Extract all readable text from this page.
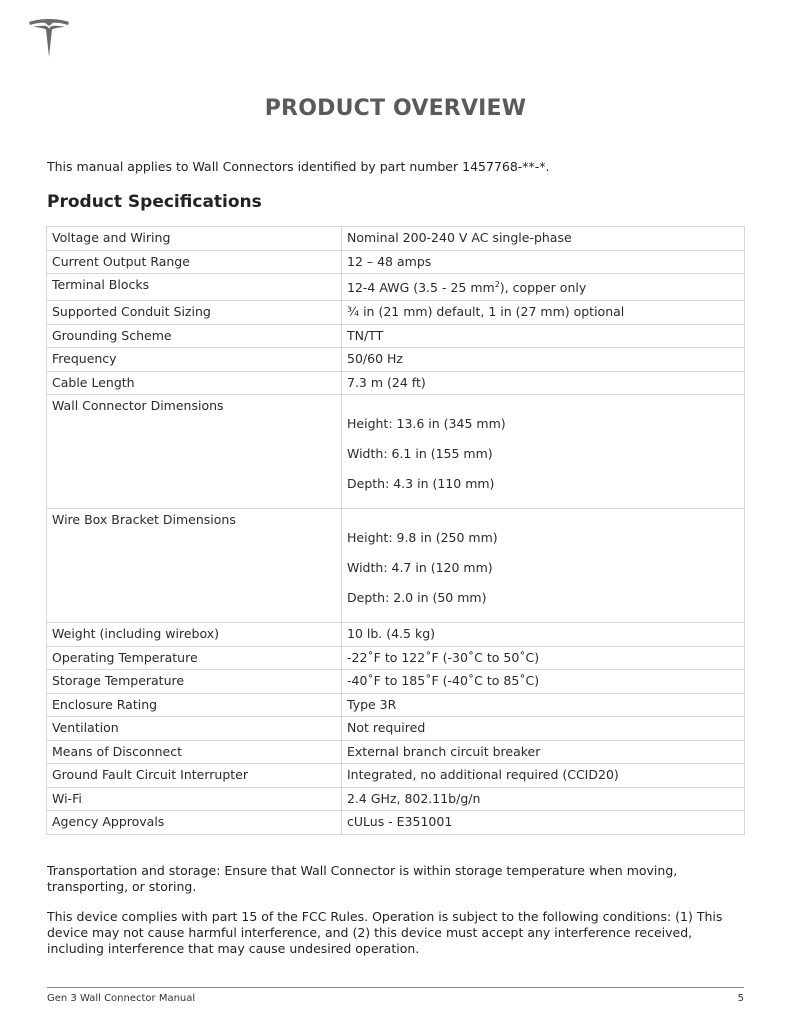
PRODUCT OVERVIEW

This manual applies to Wall Connectors identified by part number 1457768-**-*.

Product Specifications
Voltage and Wiring	Nominal 200-240 V AC single-phase
Current Output Range	12 – 48 amps
Terminal Blocks	12-4 AWG (3.5 - 25 $mm^2$), copper only
Supported Conduit Sizing	¾ in (21 mm) default, 1 in (27 mm) optional
Grounding Scheme	TN/TT
Frequency	50/60 Hz
Cable Length	7.3 m (24 ft)
Wall Connector Dimensions	Height: 13.6 in (345 mm)
Width: 6.1 in (155 mm)
Depth: 4.3 in (110 mm)

Wire Box Bracket Dimensions	Height: 9.8 in (250 mm)
Width: 4.7 in (120 mm)
Depth: 2.0 in (50 mm)

Weight (including wirebox)	10 lb. (4.5 kg)
Operating Temperature	-22˚F to 122˚F (-30˚C to 50˚C)
Storage Temperature	-40˚F to 185˚F (-40˚C to 85˚C)
Enclosure Rating	Type 3R
Ventilation	Not required
Means of Disconnect	External branch circuit breaker
Ground Fault Circuit Interrupter	Integrated, no additional required (CCID20)
Wi-Fi	2.4 GHz, 802.11b/g/n
Agency Approvals	cULus - E351001

Transportation and storage: Ensure that Wall Connector is within storage temperature when moving, transporting, or storing.

This device complies with part 15 of the FCC Rules. Operation is subject to the following conditions: (1) This device may not cause harmful interference, and (2) this device must accept any interference received, including interference that may cause undesired operation.

Gen 3 Wall Connector Manual	5
